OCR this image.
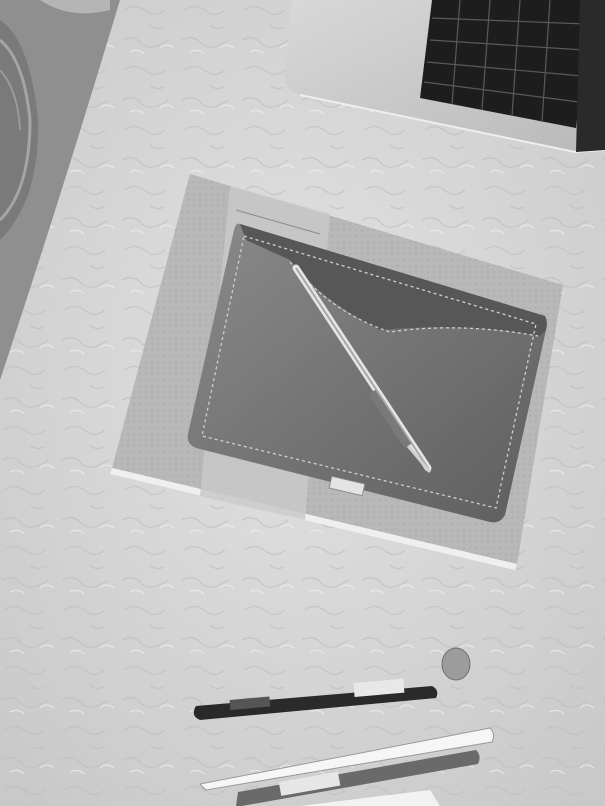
dot
